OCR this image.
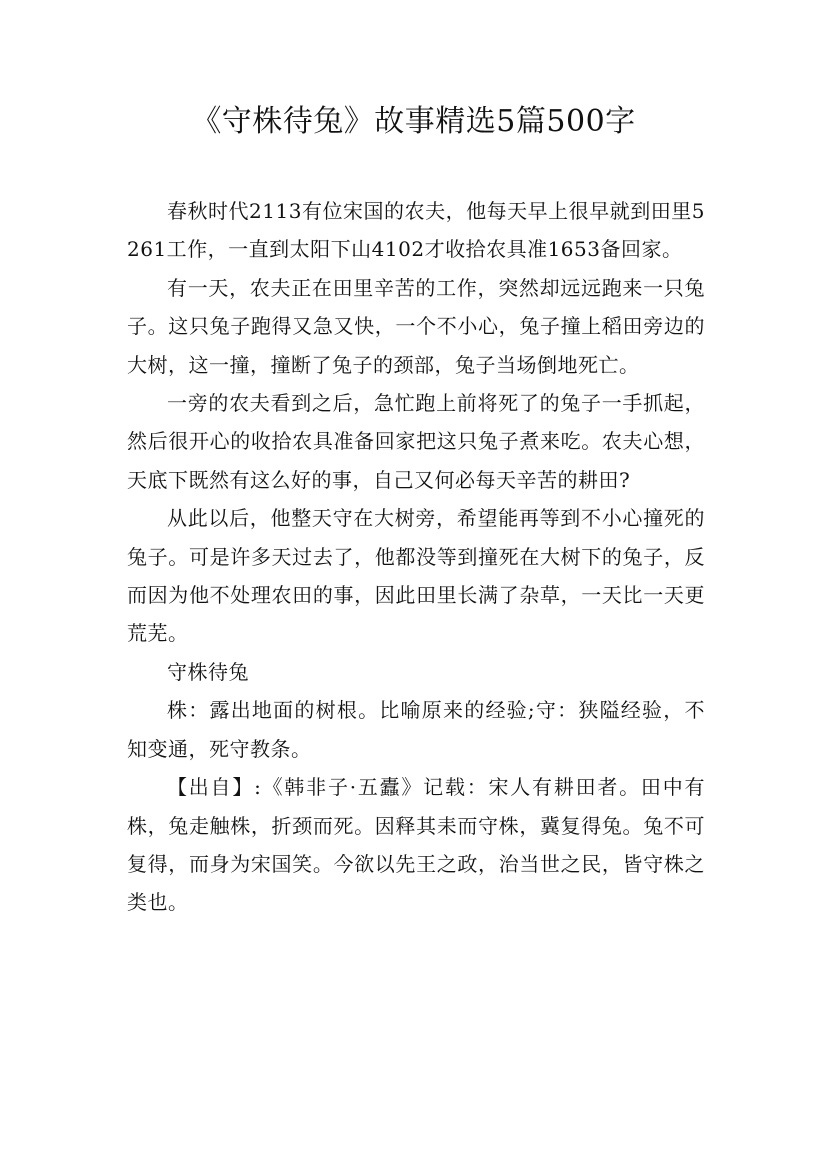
《守株待兔》故事精选5篇500字

春秋时代2113有位宋国的农夫，他每天早上很早就到田里5261工作，一直到太阳下山4102才收拾农具准1653备回家。

有一天，农夫正在田里辛苦的工作，突然却远远跑来一只兔子。这只兔子跑得又急又快，一个不小心，兔子撞上稻田旁边的大树，这一撞，撞断了兔子的颈部，兔子当场倒地死亡。

一旁的农夫看到之后，急忙跑上前将死了的兔子一手抓起，然后很开心的收拾农具准备回家把这只兔子煮来吃。农夫心想，天底下既然有这么好的事，自己又何必每天辛苦的耕田?

从此以后，他整天守在大树旁，希望能再等到不小心撞死的兔子。可是许多天过去了，他都没等到撞死在大树下的兔子，反而因为他不处理农田的事，因此田里长满了杂草，一天比一天更荒芜。

守株待兔

株：露出地面的树根。比喻原来的经验;守：狭隘经验，不知变通，死守教条。

【出自】:《韩非子·五蠹》记载：宋人有耕田者。田中有株，兔走触株，折颈而死。因释其耒而守株，冀复得兔。兔不可复得，而身为宋国笑。今欲以先王之政，治当世之民，皆守株之类也。
